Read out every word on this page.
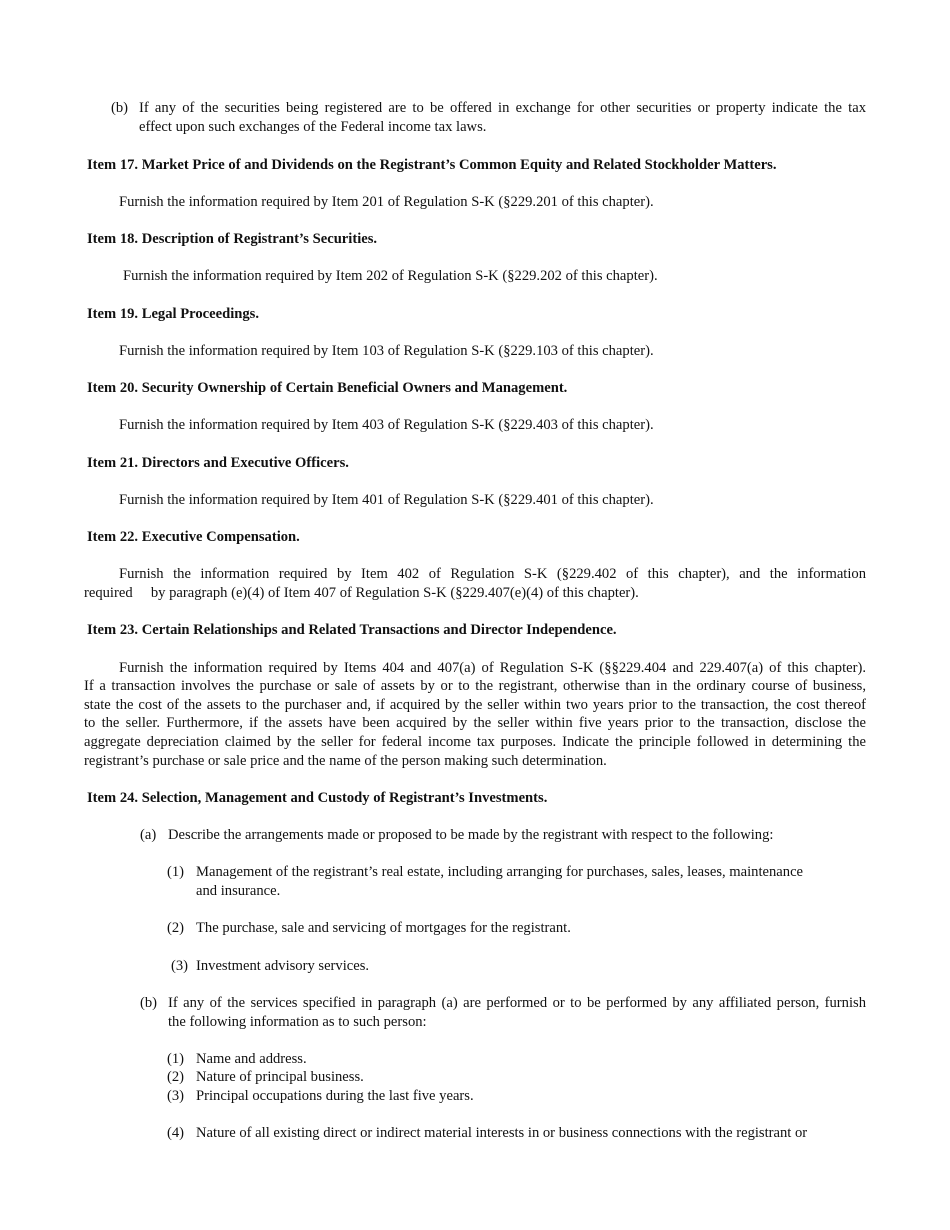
(b) If any of the securities being registered are to be offered in exchange for other securities or property indicate the tax
effect upon such exchanges of the Federal income tax laws.
Item 17. Market Price of and Dividends on the Registrant’s Common Equity and Related Stockholder Matters.
Furnish the information required by Item 201 of Regulation S-K (§229.201 of this chapter).
Item 18. Description of Registrant’s Securities.
Furnish the information required by Item 202 of Regulation S-K (§229.202 of this chapter).
Item 19. Legal Proceedings.
Furnish the information required by Item 103 of Regulation S-K (§229.103 of this chapter).
Item 20. Security Ownership of Certain Beneficial Owners and Management.
Furnish the information required by Item 403 of Regulation S-K (§229.403 of this chapter).
Item 21. Directors and Executive Officers.
Furnish the information required by Item 401 of Regulation S-K (§229.401 of this chapter).
Item 22. Executive Compensation.
Furnish the information required by Item 402 of Regulation S-K (§229.402 of this chapter), and the information
required     by paragraph (e)(4) of Item 407 of Regulation S-K (§229.407(e)(4) of this chapter).
Item 23. Certain Relationships and Related Transactions and Director Independence.
Furnish the information required by Items 404 and 407(a) of Regulation S-K (§§229.404 and 229.407(a) of this chapter).
If a transaction involves the purchase or sale of assets by or to the registrant, otherwise than in the ordinary course of business,
state the cost of the assets to the purchaser and, if acquired by the seller within two years prior to the transaction, the cost thereof
to the seller. Furthermore, if the assets have been acquired by the seller within five years prior to the transaction, disclose the
aggregate depreciation claimed by the seller for federal income tax purposes. Indicate the principle followed in determining the
registrant’s purchase or sale price and the name of the person making such determination.
Item 24. Selection, Management and Custody of Registrant’s Investments.
(a) Describe the arrangements made or proposed to be made by the registrant with respect to the following:
(1) Management of the registrant’s real estate, including arranging for purchases, sales, leases, maintenance
and insurance.
(2) The purchase, sale and servicing of mortgages for the registrant.
(3) Investment advisory services.
(b) If any of the services specified in paragraph (a) are performed or to be performed by any affiliated person, furnish
the following information as to such person:
(1) Name and address.
(2) Nature of principal business.
(3) Principal occupations during the last five years.
(4) Nature of all existing direct or indirect material interests in or business connections with the registrant or
